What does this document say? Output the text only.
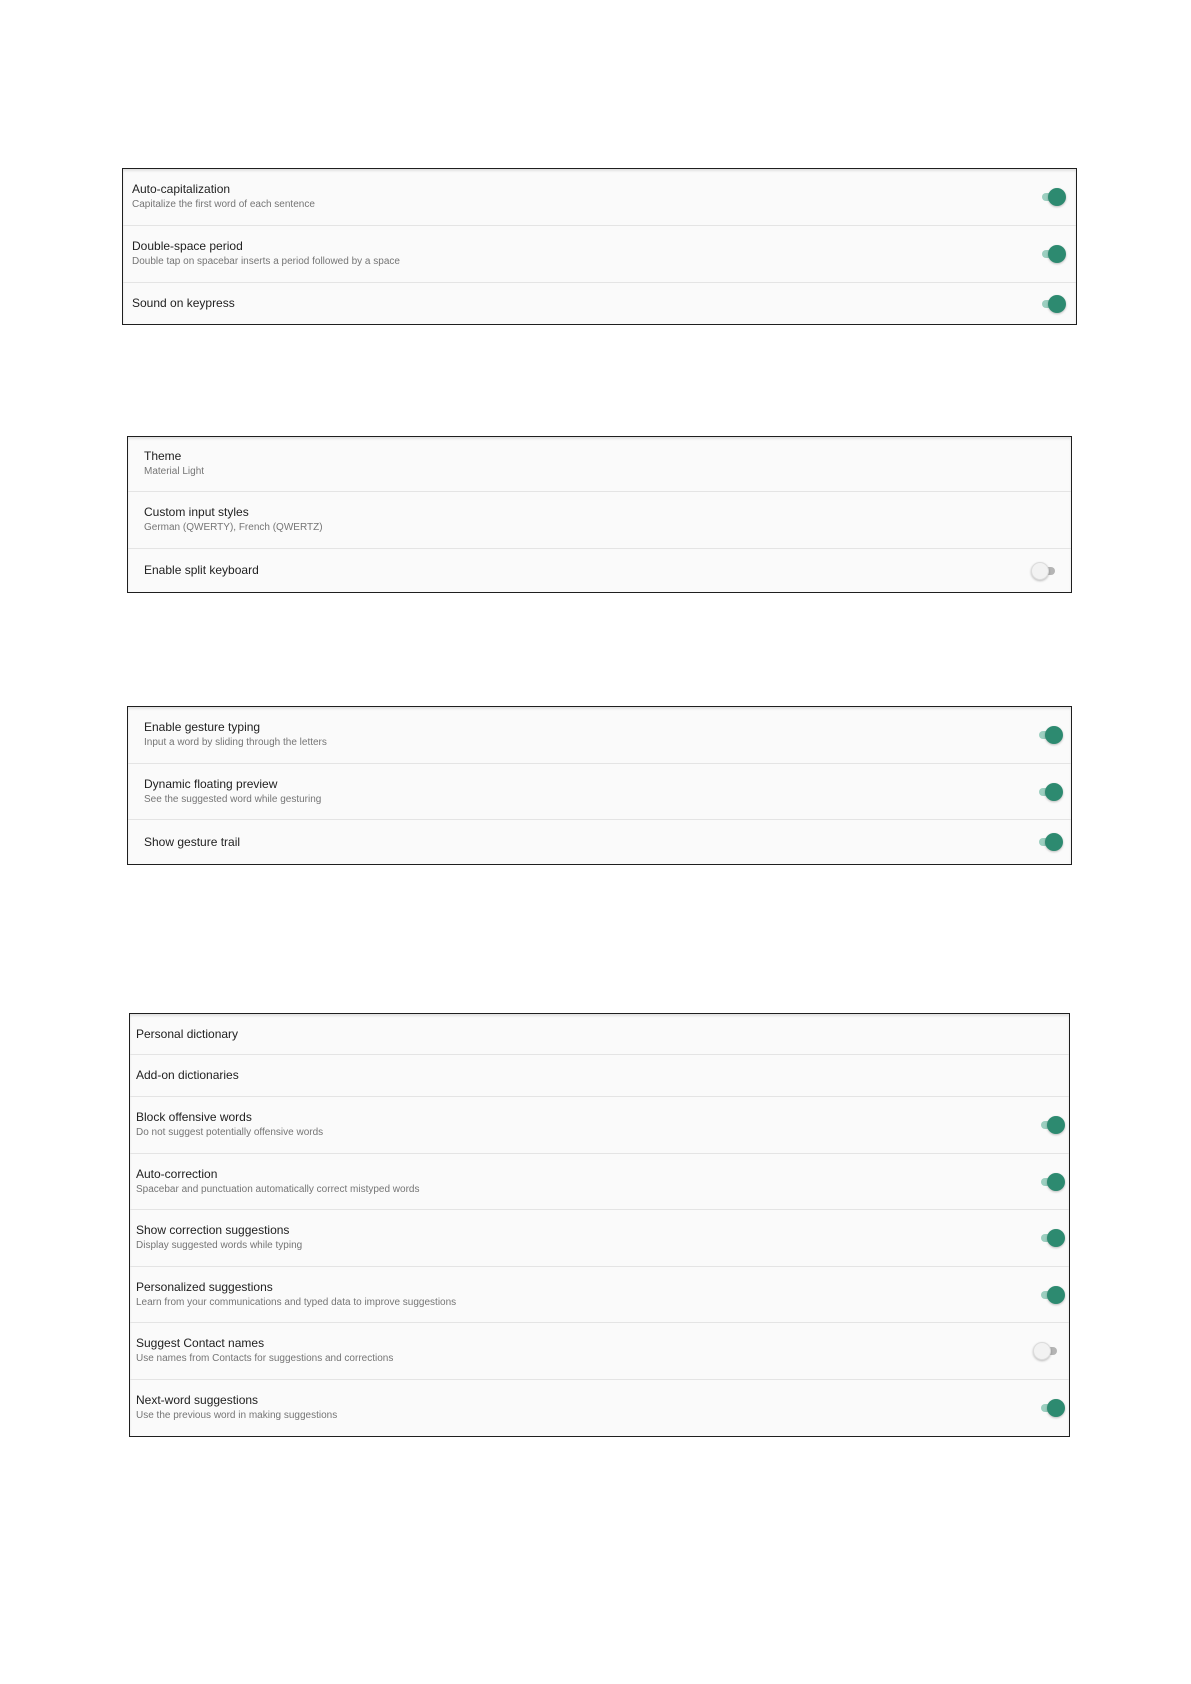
Auto-capitalization
Capitalize the first word of each sentence
Double-space period
Double tap on spacebar inserts a period followed by a space
Sound on keypress
Theme
Material Light
Custom input styles
German (QWERTY), French (QWERTZ)
Enable split keyboard
Enable gesture typing
Input a word by sliding through the letters
Dynamic floating preview
See the suggested word while gesturing
Show gesture trail
Personal dictionary
Add-on dictionaries
Block offensive words
Do not suggest potentially offensive words
Auto-correction
Spacebar and punctuation automatically correct mistyped words
Show correction suggestions
Display suggested words while typing
Personalized suggestions
Learn from your communications and typed data to improve suggestions
Suggest Contact names
Use names from Contacts for suggestions and corrections
Next-word suggestions
Use the previous word in making suggestions
